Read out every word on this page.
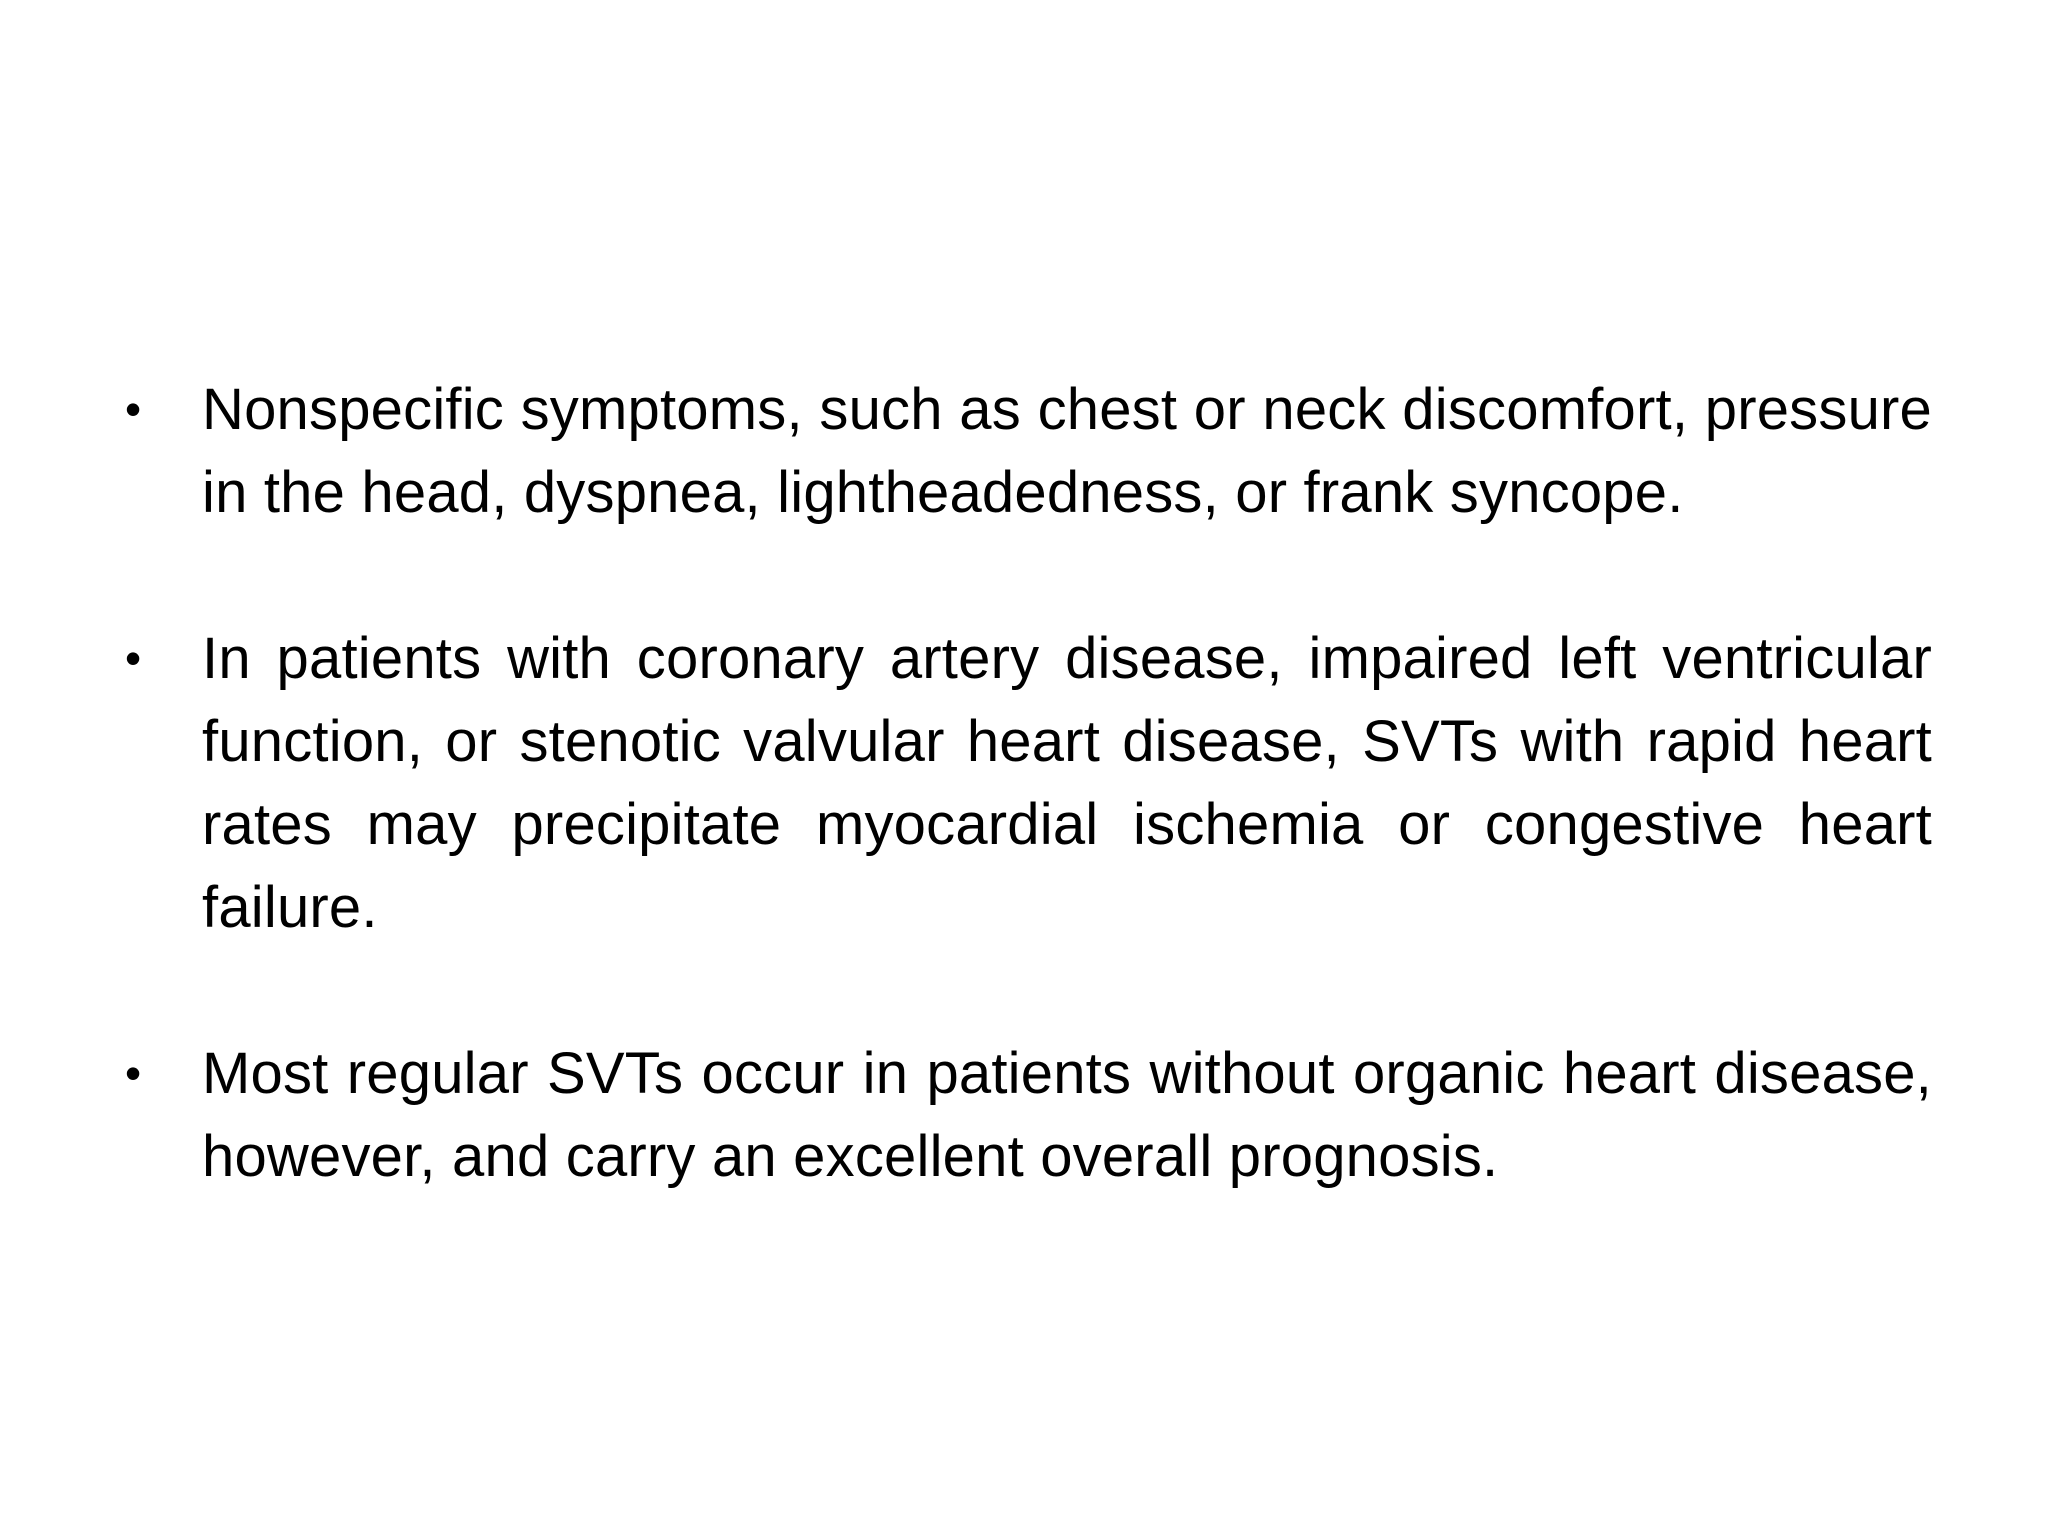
• Nonspecific symptoms, such as chest or neck discomfort, pressure in the head, dyspnea, lightheadedness, or frank syncope.
• In patients with coronary artery disease, impaired left ventricular function, or stenotic valvular heart disease, SVTs with rapid heart rates may precipitate myocardial ischemia or congestive heart failure.
• Most regular SVTs occur in patients without organic heart disease, however, and carry an excellent overall prognosis.
